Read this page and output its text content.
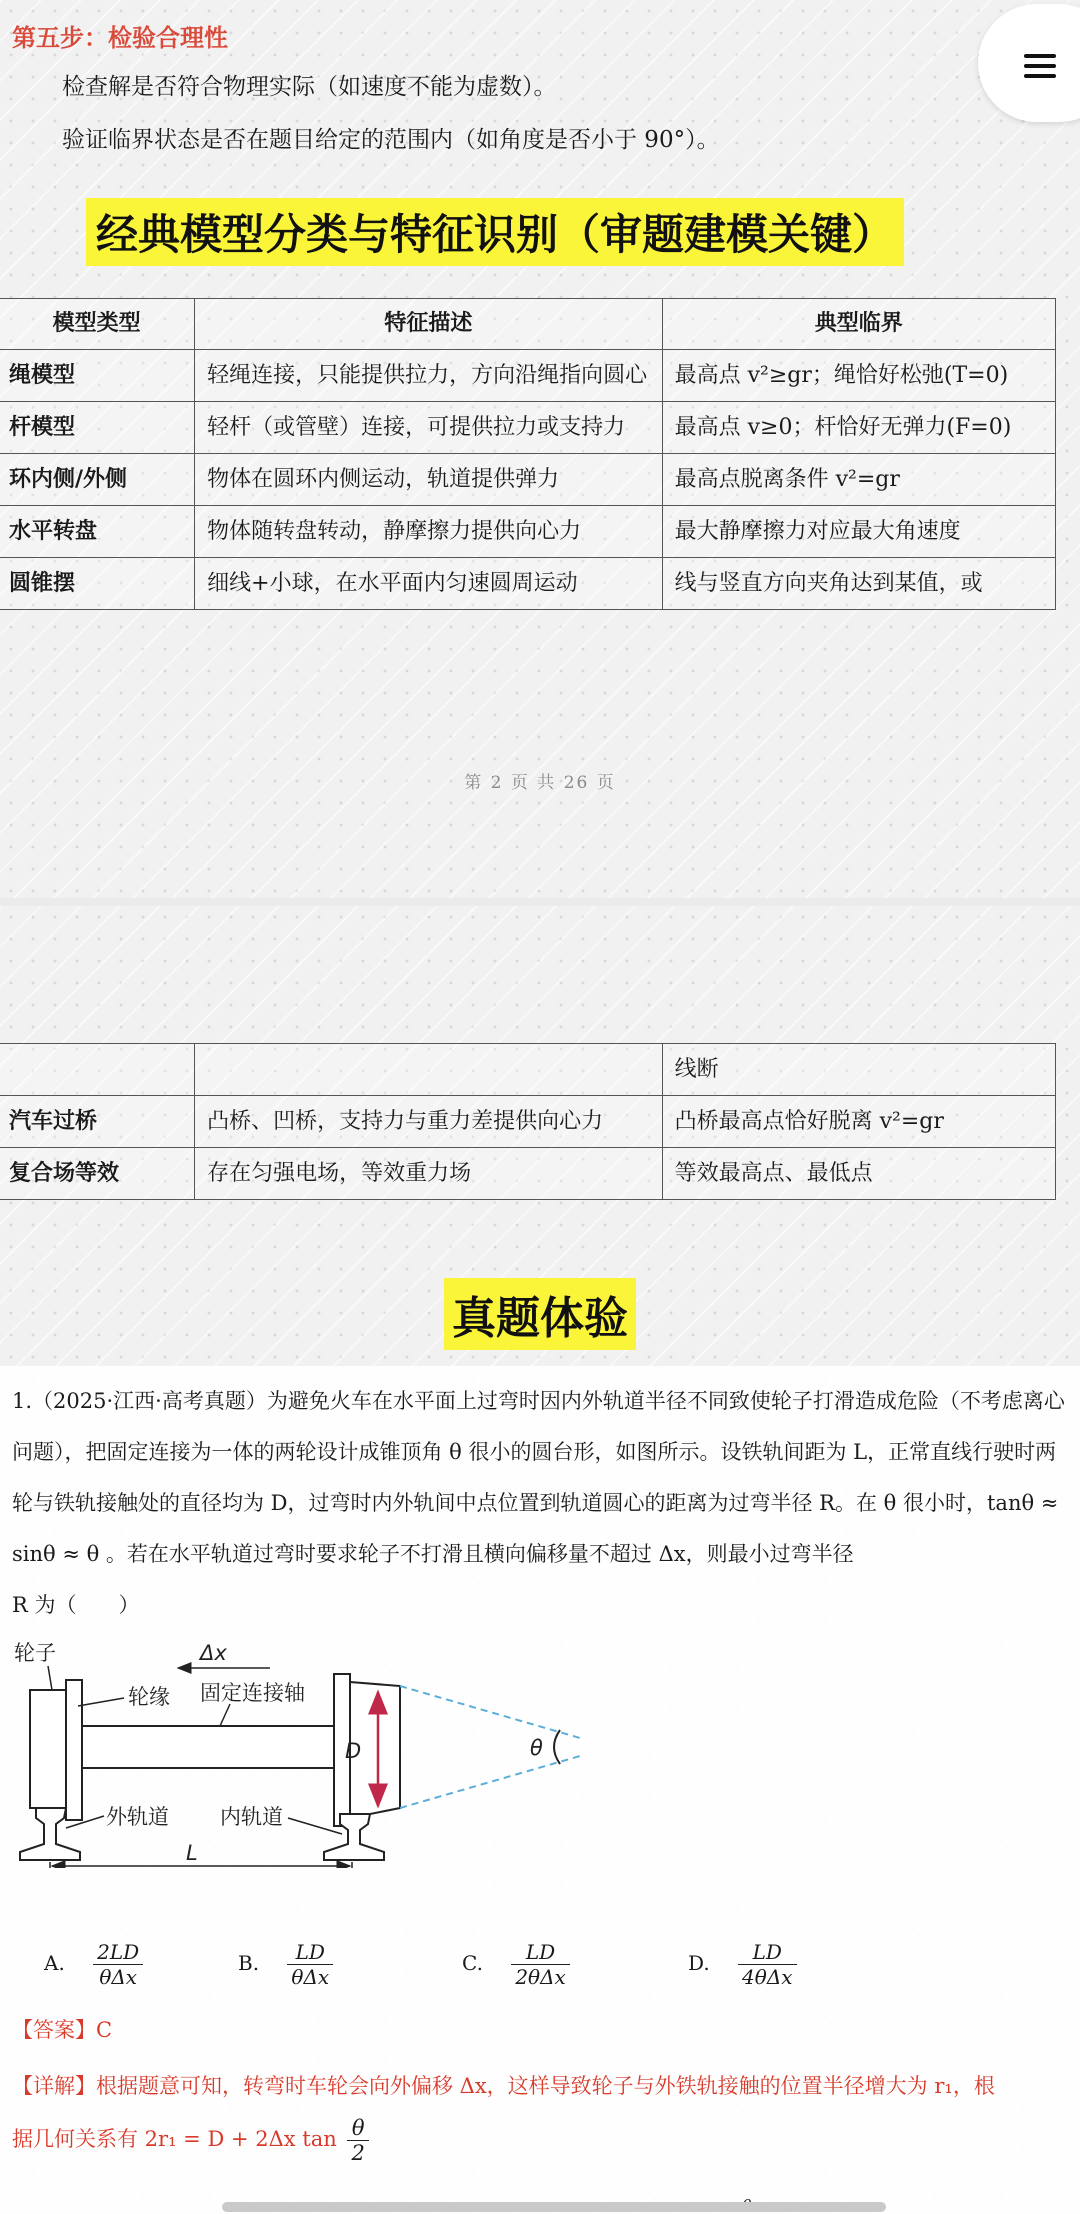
第五步：检验合理性
检查解是否符合物理实际（如速度不能为虚数）。
验证临界状态是否在题目给定的范围内（如角度是否小于 90°）。
经典模型分类与特征识别（审题建模关键）
模型类型	特征描述	典型临界
绳模型	轻绳连接，只能提供拉力，方向沿绳指向圆心	最高点 v²≥gr；绳恰好松弛(T=0)
杆模型	轻杆（或管壁）连接，可提供拉力或支持力	最高点 v≥0；杆恰好无弹力(F=0)
环内侧/外侧	物体在圆环内侧运动，轨道提供弹力	最高点脱离条件 v²=gr
水平转盘	物体随转盘转动，静摩擦力提供向心力	最大静摩擦力对应最大角速度
圆锥摆	细线+小球，在水平面内匀速圆周运动	线与竖直方向夹角达到某值，或
第 2 页 共 26 页
		线断
汽车过桥	凸桥、凹桥，支持力与重力差提供向心力	凸桥最高点恰好脱离 v²=gr
复合场等效	存在匀强电场，等效重力场	等效最高点、最低点
真题体验
1.（2025·江西·高考真题）为避免火车在水平面上过弯时因内外轨道半径不同致使轮子打滑造成危险（不考虑离心问题），把固定连接为一体的两轮设计成锥顶角 θ 很小的圆台形，如图所示。设铁轨间距为 L，正常直线行驶时两轮与铁轨接触处的直径均为 D，过弯时内外轨间中点位置到轨道圆心的距离为过弯半径 R。在 θ 很小时，tanθ ≈ sinθ ≈ θ 。若在水平轨道过弯时要求轮子不打滑且横向偏移量不超过 Δx，则最小过弯半径
R 为（　　）
D	θ
L
Δx
轮子
轮缘 固定连接轴
外轨道 内轨道
A. $\frac{2LD}{\text{θΔx}}$	B. $\frac{LD}{\text{θΔx}}$	C. $\frac{LD}{\text{2θΔx}}$	D. $\frac{LD}{\text{4θΔx}}$
【答案】C
【详解】根据题意可知，转弯时车轮会向外偏移 Δx，这样导致轮子与外铁轨接触的位置半径增大为 r₁，根
据几何关系有 2r₁ = D + 2Δx $\tan \frac{\theta}{2}$
